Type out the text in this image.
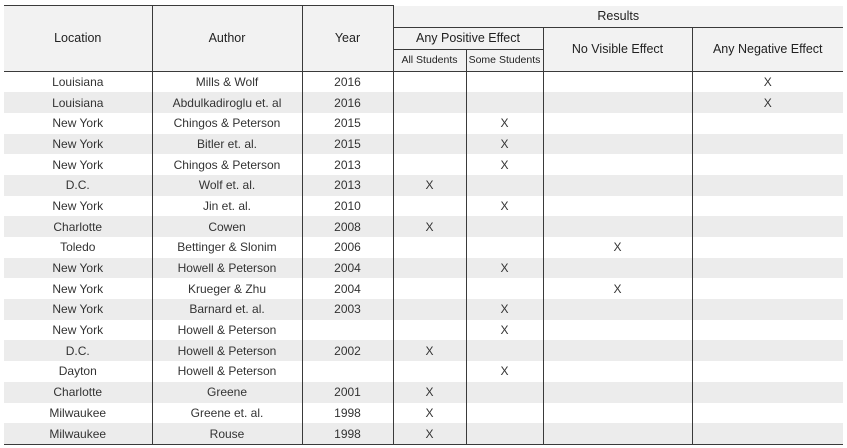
Location	Author	Year	Results			
			Any Positive Effect		No Visible Effect	Any Negative Effect
			All Students	Some Students		
Louisiana	Mills & Wolf	2016				X
Louisiana	Abdulkadiroglu et. al	2016				X
New York	Chingos & Peterson	2015		X		
New York	Bitler et. al.	2015		X		
New York	Chingos & Peterson	2013		X		
D.C.	Wolf et. al.	2013	X			
New York	Jin et. al.	2010		X		
Charlotte	Cowen	2008	X			
Toledo	Bettinger & Slonim	2006			X	
New York	Howell & Peterson	2004		X		
New York	Krueger & Zhu	2004			X	
New York	Barnard et. al.	2003		X		
New York	Howell & Peterson			X		
D.C.	Howell & Peterson	2002	X			
Dayton	Howell & Peterson			X		
Charlotte	Greene	2001	X			
Milwaukee	Greene et. al.	1998	X			
Milwaukee	Rouse	1998	X			
